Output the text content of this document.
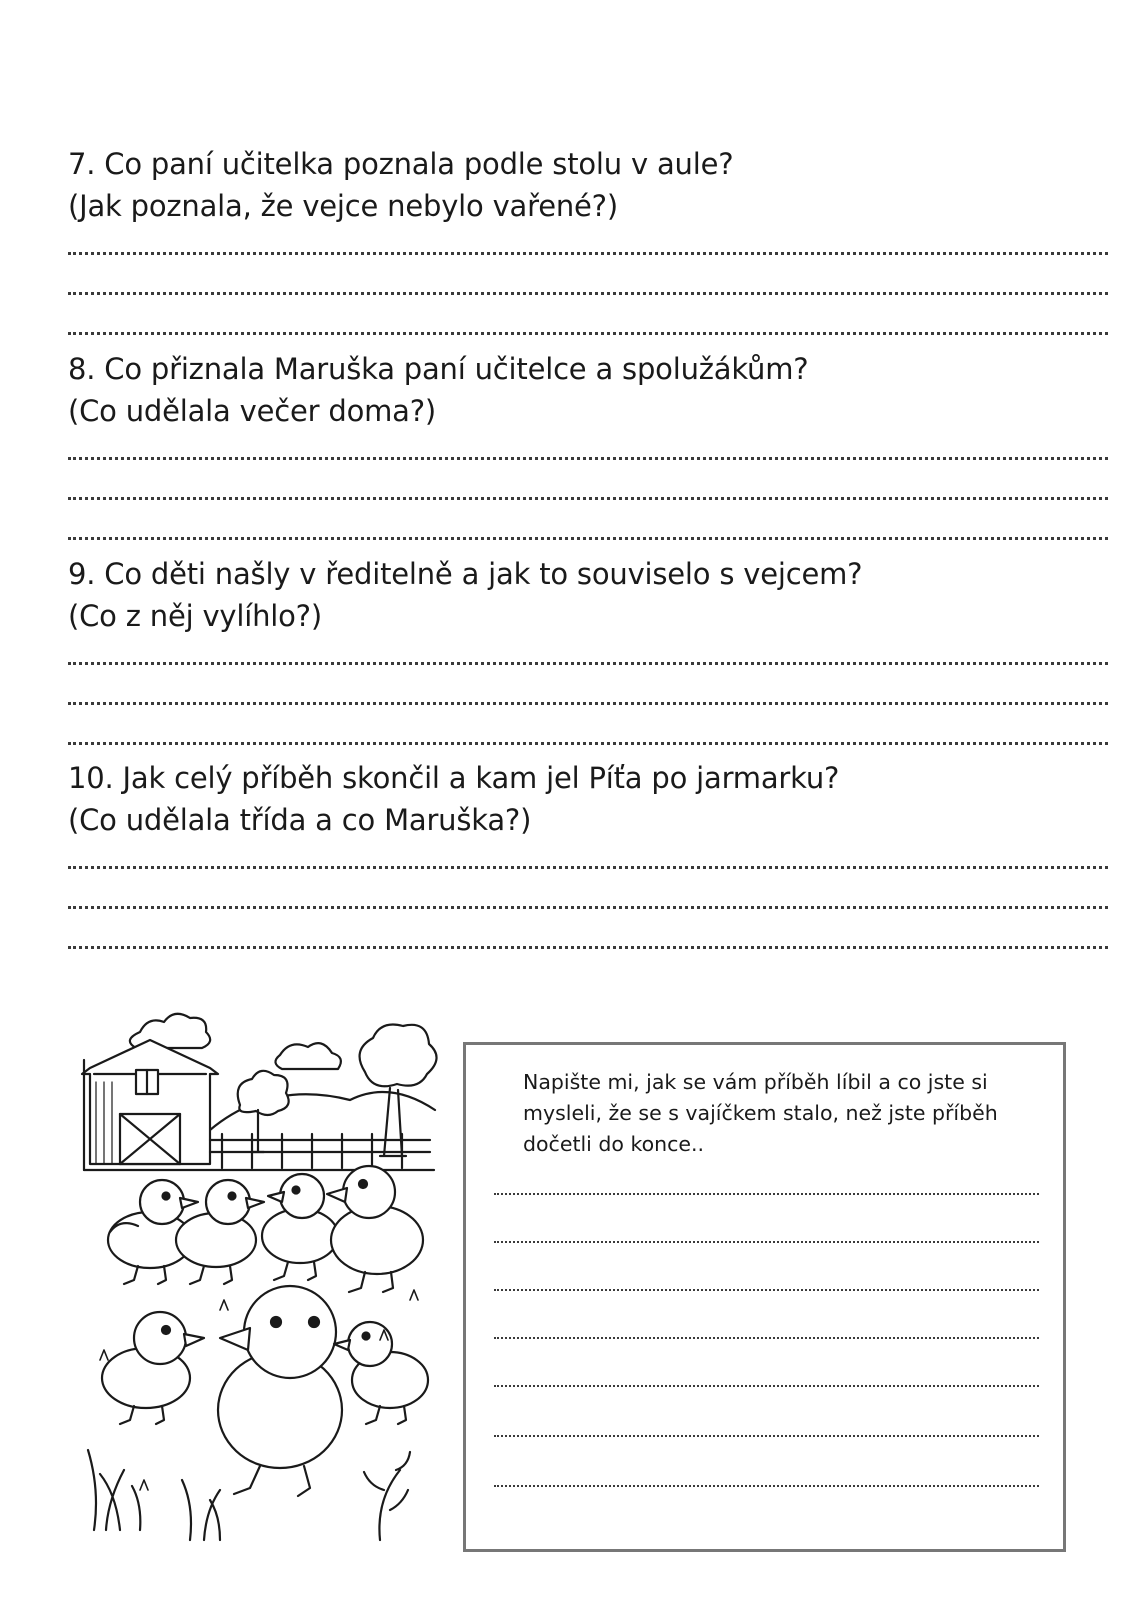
7. Co paní učitelka poznala podle stolu v aule?

(Jak poznala, že vejce nebylo vařené?)

8. Co přiznala Maruška paní učitelce a spolužákům?

(Co udělala večer doma?)

9. Co děti našly v ředitelně a jak to souviselo s vejcem?

(Co z něj vylíhlo?)

10. Jak celý příběh skončil a kam jel Píťa po jarmarku?

(Co udělala třída a co Maruška?)

Napište mi, jak se vám příběh líbil a co jste si mysleli, že se s vajíčkem stalo, než jste příběh dočetli do konce..
